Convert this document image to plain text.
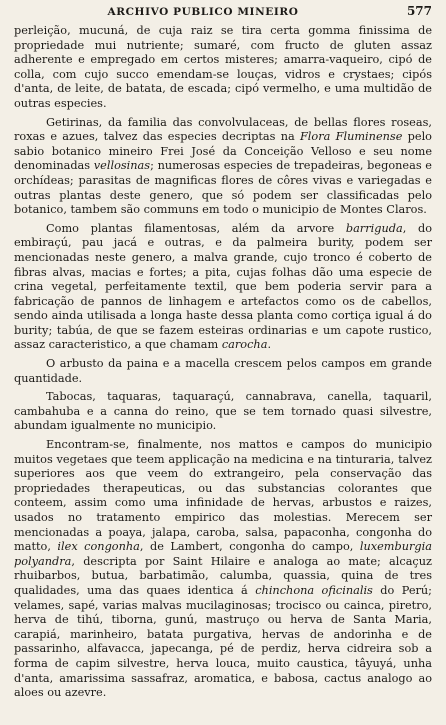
ARCHIVO PUBLICO MINEIRO	577

perleição, mucuná, de cuja raiz se tira certa gomma finissima de propriedade mui nutriente; sumaré, com fructo de gluten assaz adherente e empregado em certos misteres; amarra-vaqueiro, cipó de colla, com cujo succo emendam-se louças, vidros e crystaes; cipós d'anta, de leite, de batata, de escada; cipó vermelho, e uma multidão de outras especies.

Getirinas, da familia das convolvulaceas, de bellas flores roseas, roxas e azues, talvez das especies decriptas na Flora Fluminense pelo sabio botanico mineiro Frei José da Conceição Velloso e seu nome denominadas vellosinas; numerosas especies de trepadeiras, begoneas e orchídeas; parasitas de magnificas flores de côres vivas e variegadas e outras plantas deste genero, que só podem ser classificadas pelo botanico, tambem são communs em todo o municipio de Montes Claros.

Como plantas filamentosas, além da arvore barriguda, do embiraçú, pau jacá e outras, e da palmeira burity, podem ser mencionadas neste genero, a malva grande, cujo tronco é coberto de fibras alvas, macias e fortes; a pita, cujas folhas dão uma especie de crina vegetal, perfeitamente textil, que bem poderia servir para a fabricação de pannos de linhagem e artefactos como os de cabellos, sendo ainda utilisada a longa haste dessa planta como cortiça igual á do burity; tabúa, de que se fazem esteiras ordinarias e um capote rustico, assaz caracteristico, a que chamam carocha.

O arbusto da paina e a macella crescem pelos campos em grande quantidade.

Tabocas, taquaras, taquaraçú, cannabrava, canella, taquaril, cambahuba e a canna do reino, que se tem tornado quasi silvestre, abundam igualmente no municipio.

Encontram-se, finalmente, nos mattos e campos do municipio muitos vegetaes que teem applicação na medicina e na tinturaria, talvez superiores aos que veem do extrangeiro, pela conservação das propriedades therapeuticas, ou das substancias colorantes que conteem, assim como uma infinidade de hervas, arbustos e raizes, usados no tratamento empirico das molestias. Merecem ser mencionadas a poaya, jalapa, caroba, salsa, papaconha, congonha do matto, ilex congonha, de Lambert, congonha do campo, luxemburgia polyandra, descripta por Saint Hilaire e analoga ao mate; alcaçuz rhuibarbos, butua, barbatimão, calumba, quassia, quina de tres qualidades, uma das quaes identica á chinchona oficinalis do Perú; velames, sapé, varias malvas mucilaginosas; trocisco ou cainca, piretro, herva de tihú, tiborna, gunú, mastruço ou herva de Santa Maria, carapiá, marinheiro, batata purgativa, hervas de andorinha e de passarinho, alfavacca, japecanga, pé de perdiz, herva cidreira sob a forma de capim silvestre, herva louca, muito caustica, tâyuyá, unha d'anta, amarissima sassafraz, aromatica, e babosa, cactus analogo ao aloes ou azevre.
